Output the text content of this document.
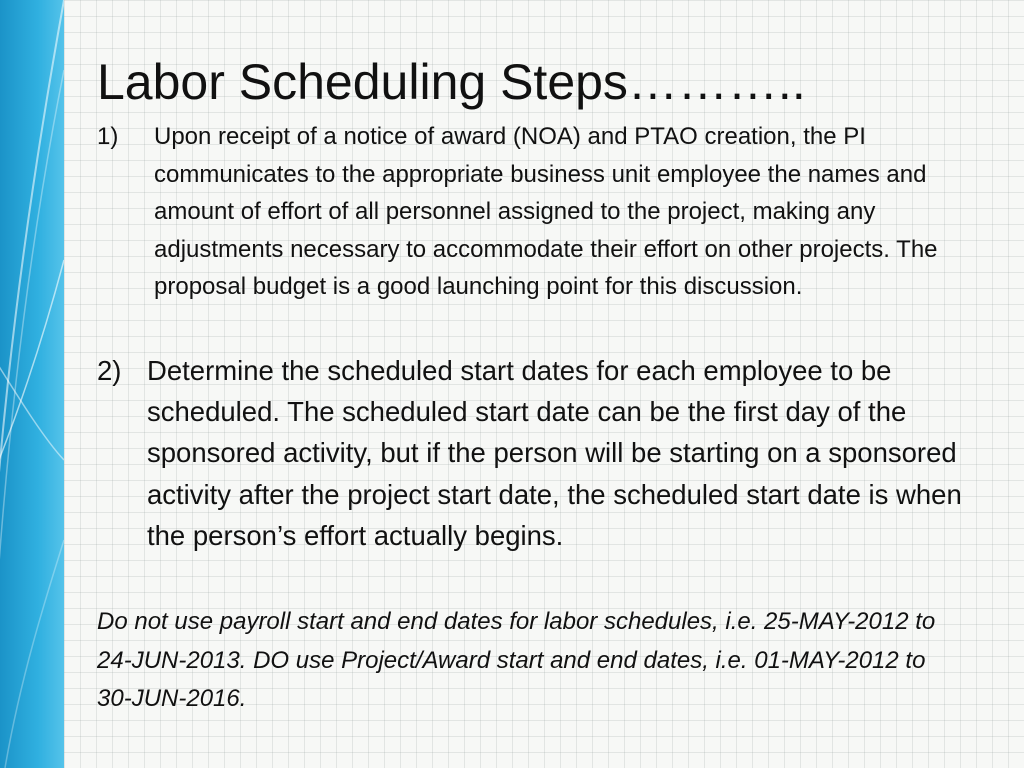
Labor Scheduling Steps………..
1) Upon receipt of a notice of award (NOA) and PTAO creation, the PI communicates to the appropriate business unit employee the names and amount of effort of all personnel assigned to the project, making any adjustments necessary to accommodate their effort on other projects. The proposal budget is a good launching point for this discussion.
2) Determine the scheduled start dates for each employee to be scheduled. The scheduled start date can be the first day of the sponsored activity, but if the person will be starting on a sponsored activity after the project start date, the scheduled start date is when the person’s effort actually begins.

Do not use payroll start and end dates for labor schedules, i.e. 25-MAY-2012 to 24-JUN-2013. DO use Project/Award start and end dates, i.e. 01-MAY-2012 to 30-JUN-2016.
